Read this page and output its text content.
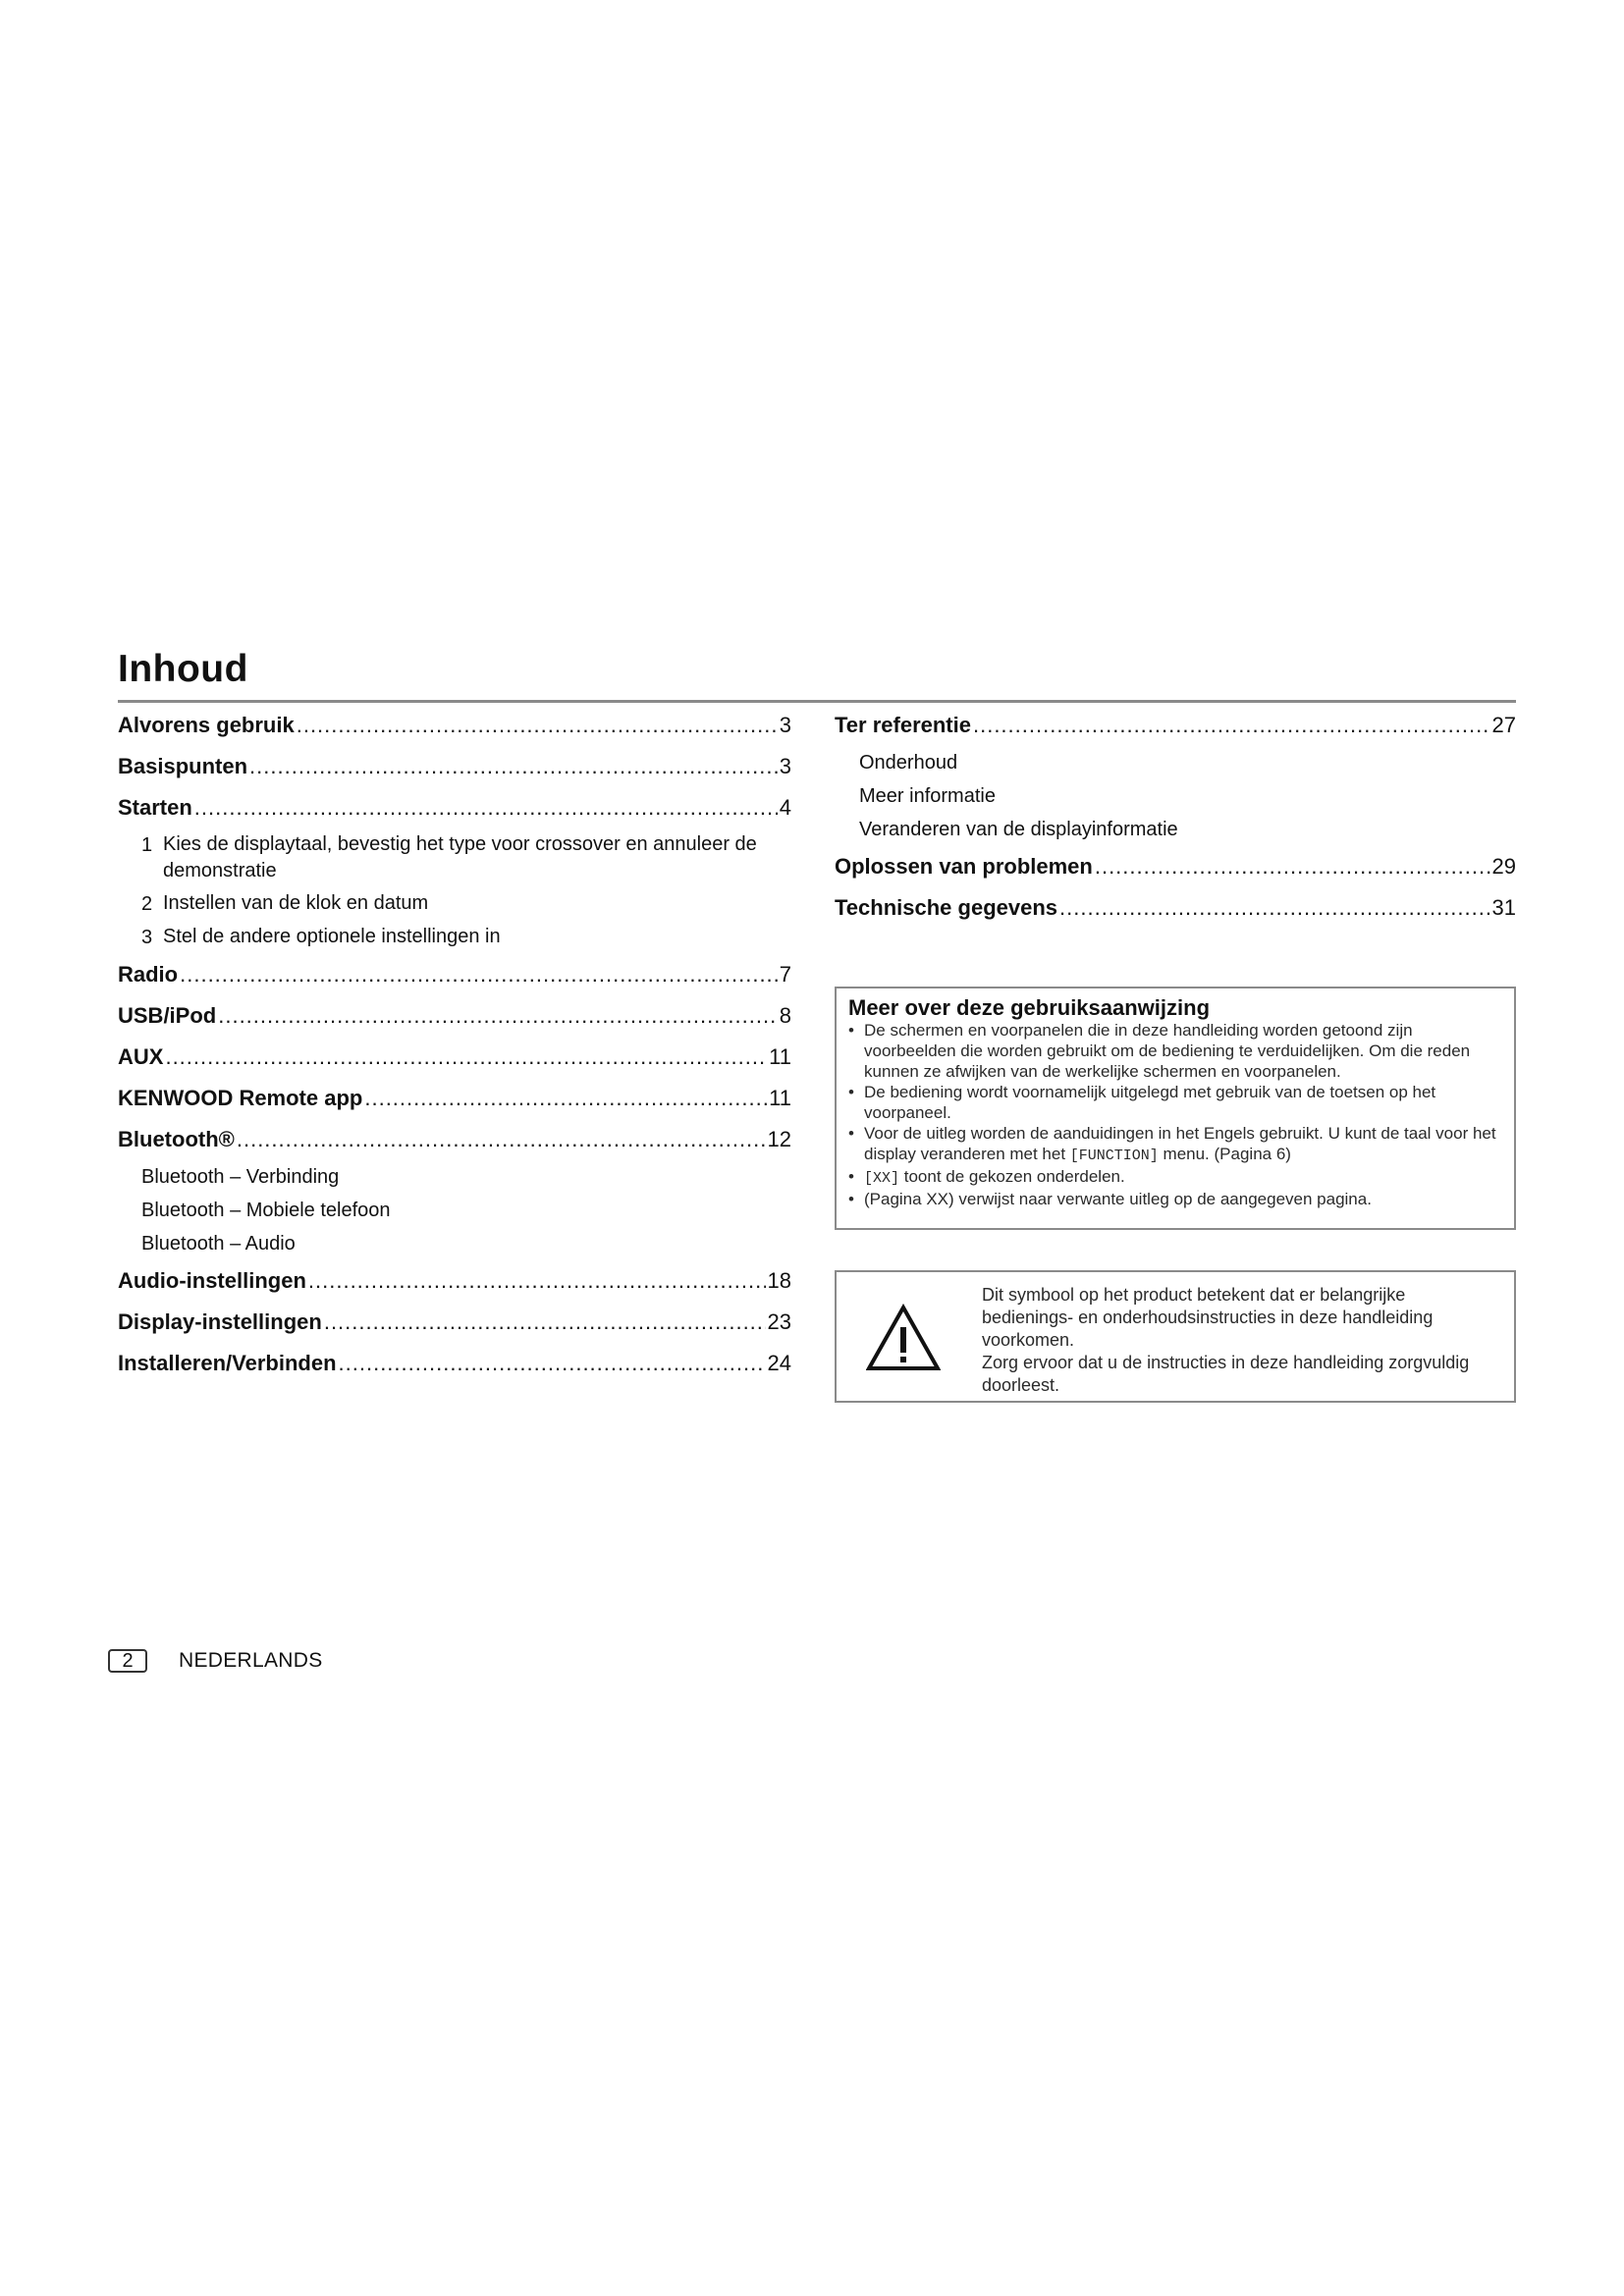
Inhoud
Alvorens gebruik .....	3
Basispunten .....	3
Starten .....	4
1 Kies de displaytaal, bevestig het type voor crossover en annuleer de demonstratie
2 Instellen van de klok en datum
3 Stel de andere optionele instellingen in
Radio .....	7
USB/iPod .....	8
AUX .....	11
KENWOOD Remote app .....	11
Bluetooth® .....	12
Bluetooth – Verbinding
Bluetooth – Mobiele telefoon
Bluetooth – Audio
Audio-instellingen .....	18
Display-instellingen .....	23
Installeren/Verbinden .....	24
Ter referentie .....	27
Onderhoud
Meer informatie
Veranderen van de displayinformatie
Oplossen van problemen .....	29
Technische gegevens .....	31
Meer over deze gebruiksaanwijzing
• De schermen en voorpanelen die in deze handleiding worden getoond zijn voorbeelden die worden gebruikt om de bediening te verduidelijken. Om die reden kunnen ze afwijken van de werkelijke schermen en voorpanelen.
• De bediening wordt voornamelijk uitgelegd met gebruik van de toetsen op het voorpaneel.
• Voor de uitleg worden de aanduidingen in het Engels gebruikt. U kunt de taal voor het display veranderen met het [FUNCTION] menu. (Pagina 6)
• [XX] toont de gekozen onderdelen.
• (Pagina XX) verwijst naar verwante uitleg op de aangegeven pagina.
Dit symbool op het product betekent dat er belangrijke bedienings- en onderhoudsinstructies in deze handleiding voorkomen.
Zorg ervoor dat u de instructies in deze handleiding zorgvuldig doorleest.
2	NEDERLANDS
